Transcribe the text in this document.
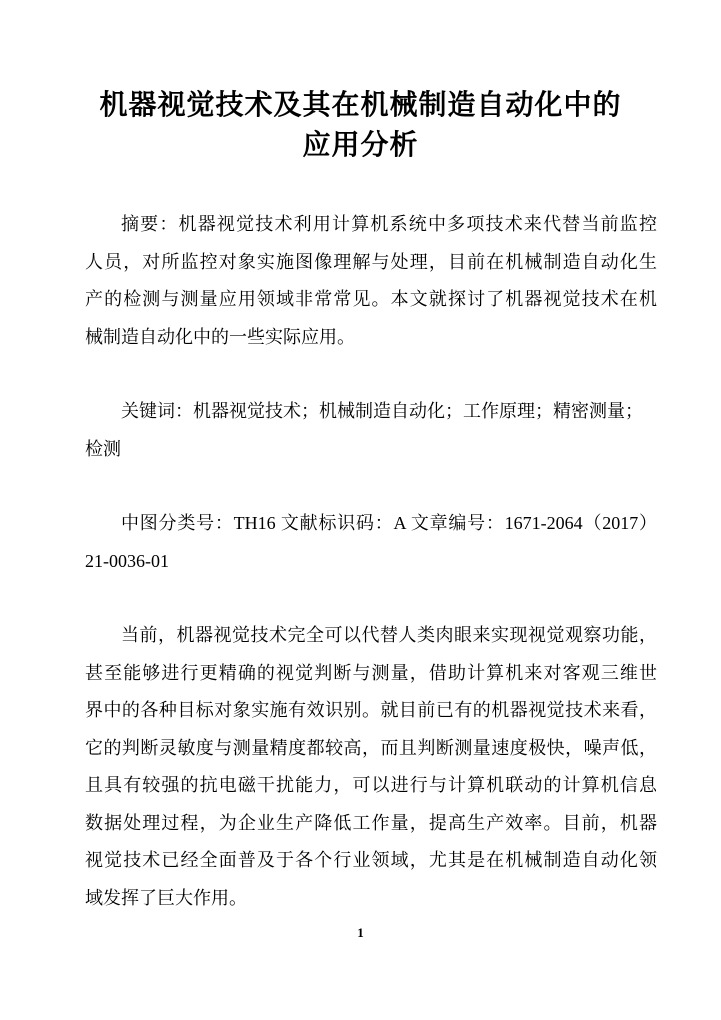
机器视觉技术及其在机械制造自动化中的
应用分析
摘要：机器视觉技术利用计算机系统中多项技术来代替当前监控
人员，对所监控对象实施图像理解与处理，目前在机械制造自动化生
产的检测与测量应用领域非常常见。本文就探讨了机器视觉技术在机
械制造自动化中的一些实际应用。
关键词：机器视觉技术；机械制造自动化；工作原理；精密测量；
检测
中图分类号：TH16 文献标识码：A 文章编号：1671-2064（2017）
21-0036-01
当前，机器视觉技术完全可以代替人类肉眼来实现视觉观察功能，
甚至能够进行更精确的视觉判断与测量，借助计算机来对客观三维世
界中的各种目标对象实施有效识别。就目前已有的机器视觉技术来看，
它的判断灵敏度与测量精度都较高，而且判断测量速度极快，噪声低，
且具有较强的抗电磁干扰能力，可以进行与计算机联动的计算机信息
数据处理过程，为企业生产降低工作量，提高生产效率。目前，机器
视觉技术已经全面普及于各个行业领域，尤其是在机械制造自动化领
域发挥了巨大作用。
1
